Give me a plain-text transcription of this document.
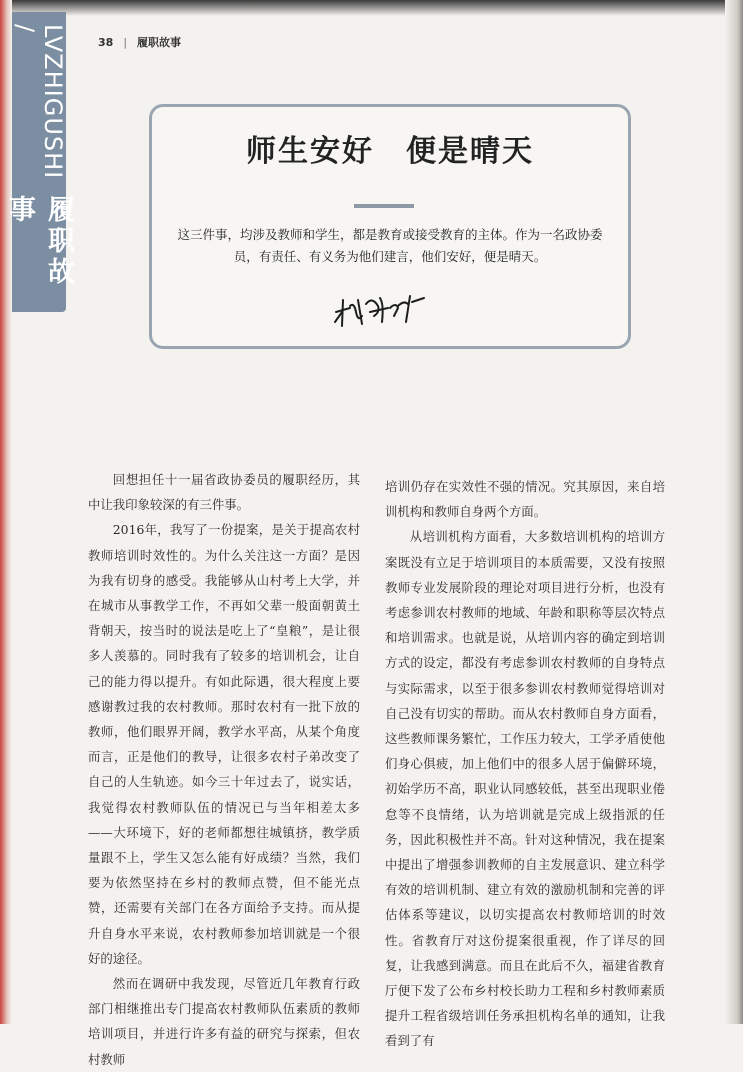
LVZHIGUSHI /
履职故事
38 | 履职故事
师生安好　便是晴天
这三件事，均涉及教师和学生，都是教育或接受教育的主体。作为一名政协委员，有责任、有义务为他们建言，他们安好，便是晴天。

回想担任十一届省政协委员的履职经历，其中让我印象较深的有三件事。

2016年，我写了一份提案，是关于提高农村教师培训时效性的。为什么关注这一方面？是因为我有切身的感受。我能够从山村考上大学，并在城市从事教学工作，不再如父辈一般面朝黄土背朝天，按当时的说法是吃上了“皇粮”，是让很多人羡慕的。同时我有了较多的培训机会，让自己的能力得以提升。有如此际遇，很大程度上要感谢教过我的农村教师。那时农村有一批下放的教师，他们眼界开阔，教学水平高，从某个角度而言，正是他们的教导，让很多农村子弟改变了自己的人生轨迹。如今三十年过去了，说实话，我觉得农村教师队伍的情况已与当年相差太多——大环境下，好的老师都想往城镇挤，教学质量跟不上，学生又怎么能有好成绩？当然，我们要为依然坚持在乡村的教师点赞，但不能光点赞，还需要有关部门在各方面给予支持。而从提升自身水平来说，农村教师参加培训就是一个很好的途径。

然而在调研中我发现，尽管近几年教育行政部门相继推出专门提高农村教师队伍素质的教师培训项目，并进行许多有益的研究与探索，但农村教师

培训仍存在实效性不强的情况。究其原因，来自培训机构和教师自身两个方面。

从培训机构方面看，大多数培训机构的培训方案既没有立足于培训项目的本质需要，又没有按照教师专业发展阶段的理论对项目进行分析，也没有考虑参训农村教师的地域、年龄和职称等层次特点和培训需求。也就是说，从培训内容的确定到培训方式的设定，都没有考虑参训农村教师的自身特点与实际需求，以至于很多参训农村教师觉得培训对自己没有切实的帮助。而从农村教师自身方面看，这些教师课务繁忙，工作压力较大，工学矛盾使他们身心俱疲，加上他们中的很多人居于偏僻环境，初始学历不高，职业认同感较低，甚至出现职业倦怠等不良情绪，认为培训就是完成上级指派的任务，因此积极性并不高。针对这种情况，我在提案中提出了增强参训教师的自主发展意识、建立科学有效的培训机制、建立有效的激励机制和完善的评估体系等建议，以切实提高农村教师培训的时效性。省教育厅对这份提案很重视，作了详尽的回复，让我感到满意。而且在此后不久，福建省教育厅便下发了公布乡村校长助力工程和乡村教师素质提升工程省级培训任务承担机构名单的通知，让我看到了有
